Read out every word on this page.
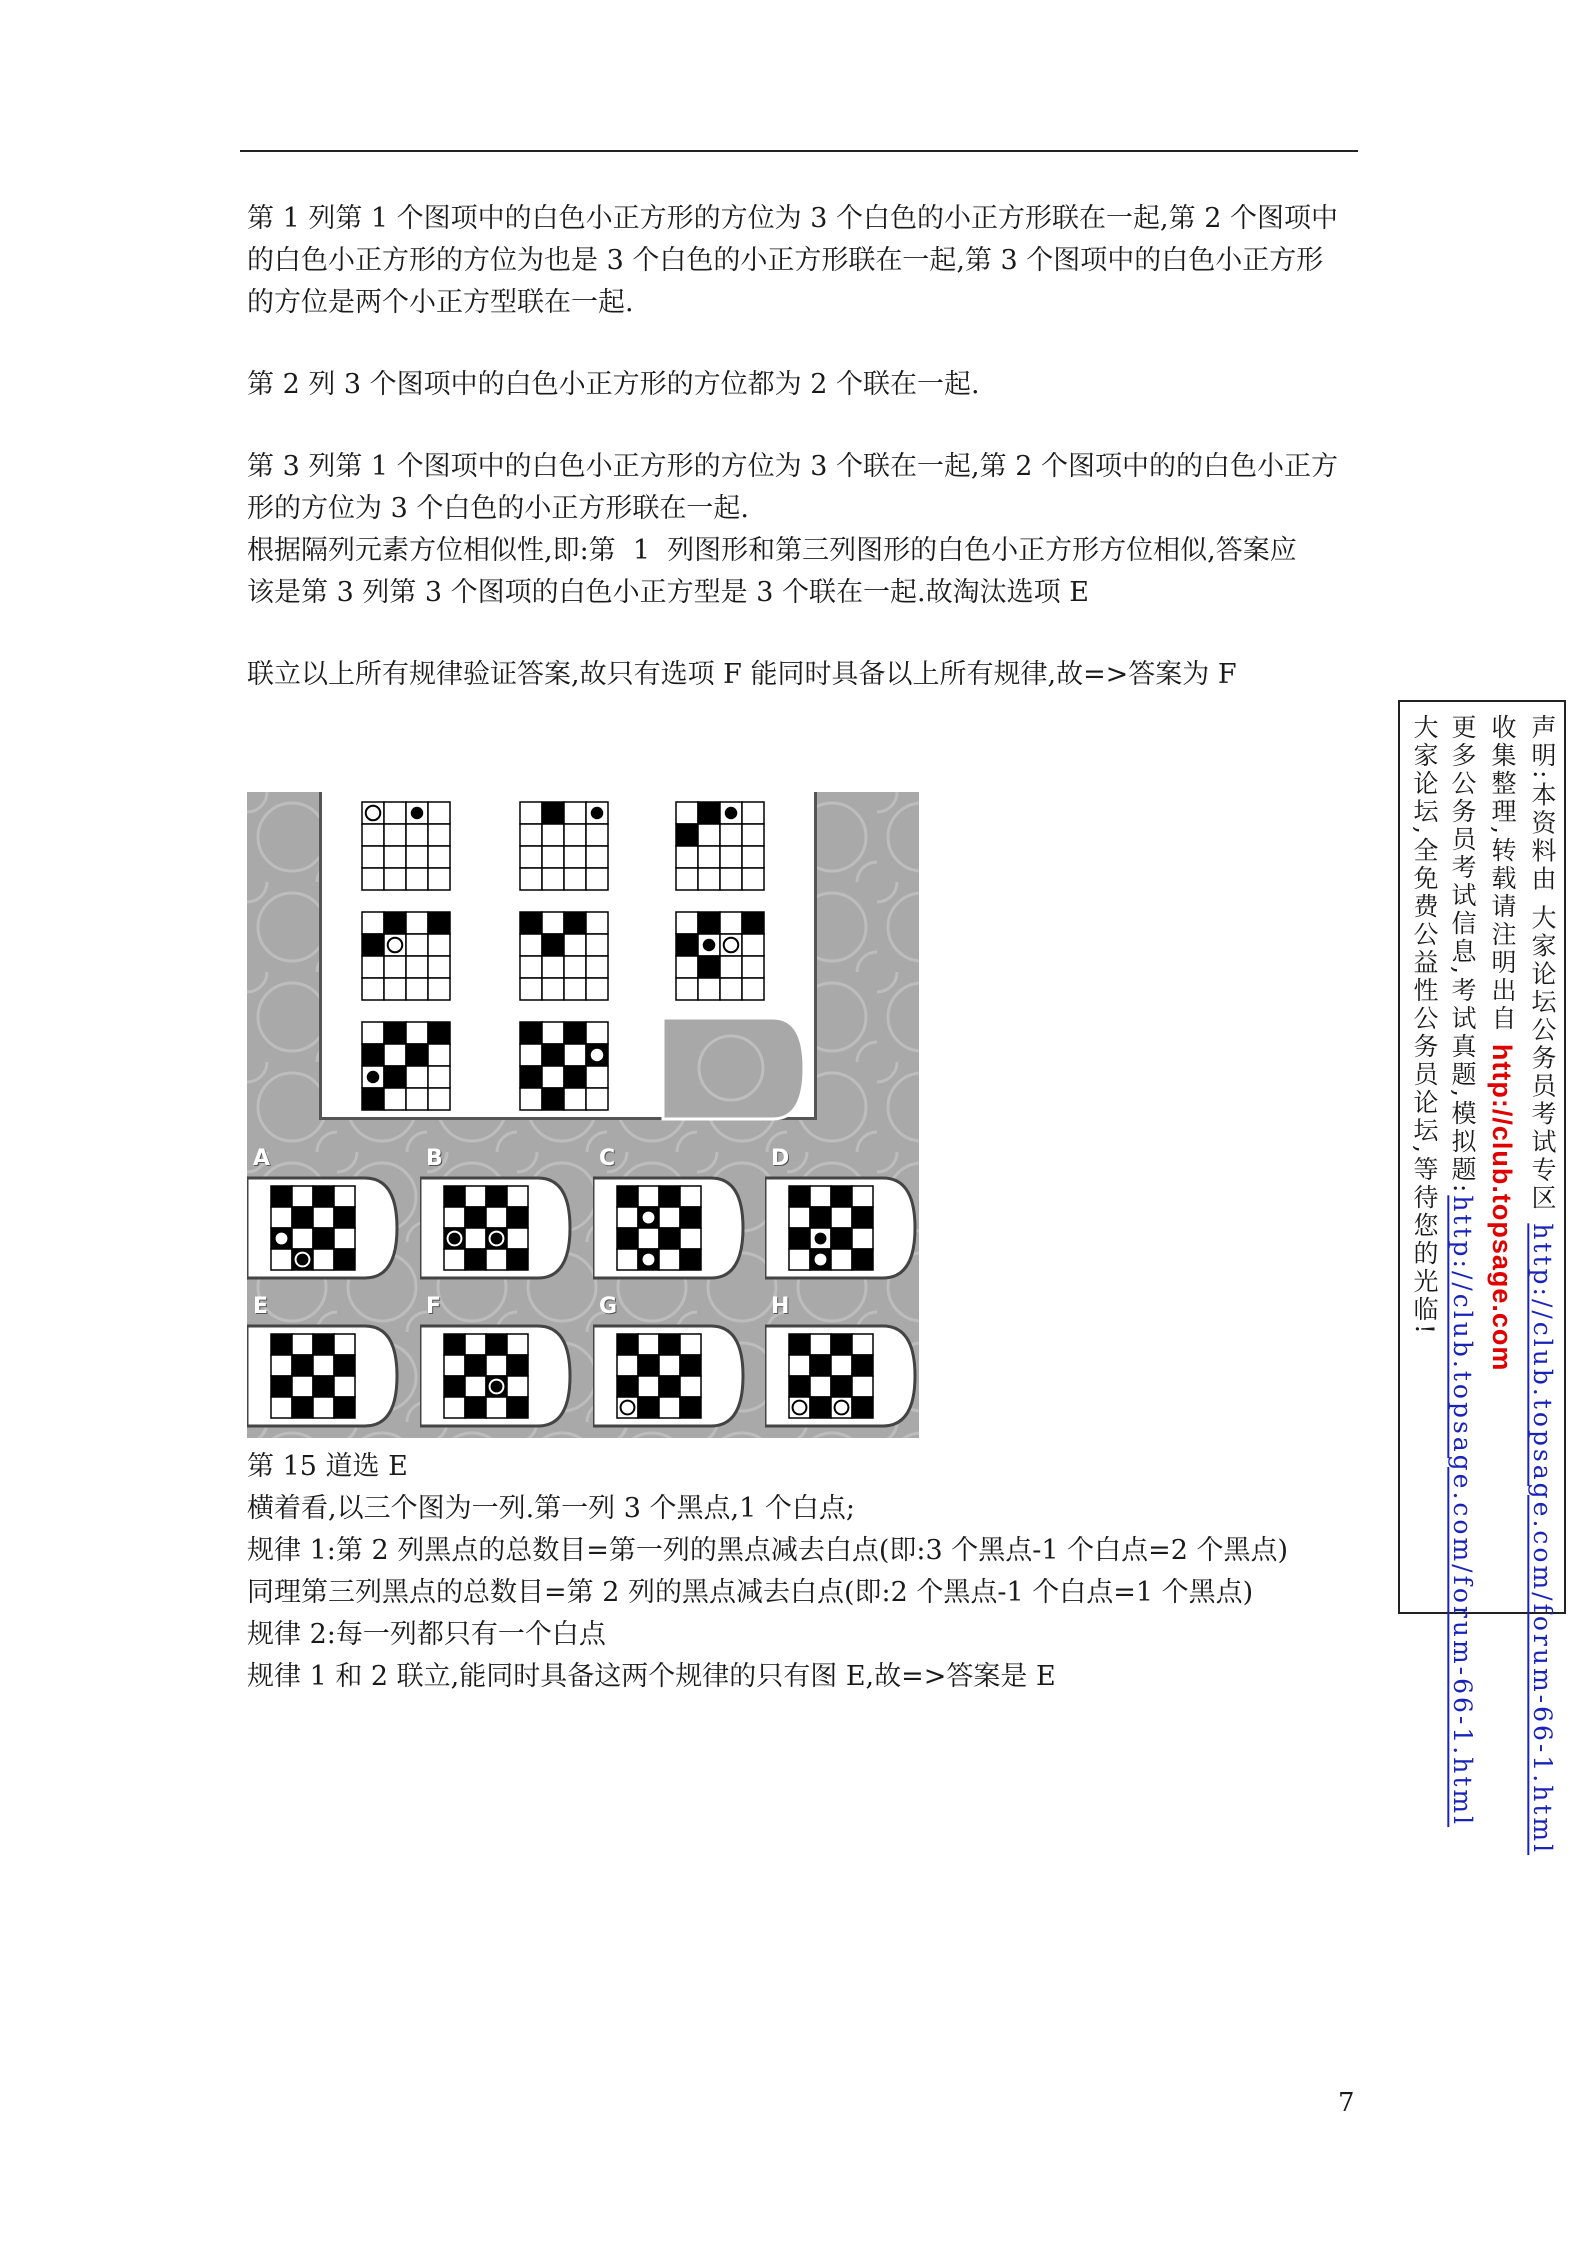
第 1 列第 1 个图项中的白色小正方形的方位为 3 个白色的小正方形联在一起,第 2 个图项中
的白色小正方形的方位为也是 3 个白色的小正方形联在一起,第 3 个图项中的白色小正方形
的方位是两个小正方型联在一起.
第 2 列 3 个图项中的白色小正方形的方位都为 2 个联在一起.
第 3 列第 1 个图项中的白色小正方形的方位为 3 个联在一起,第 2 个图项中的的白色小正方
形的方位为 3 个白色的小正方形联在一起.
根据隔列元素方位相似性,即:第  1  列图形和第三列图形的白色小正方形方位相似,答案应
该是第 3 列第 3 个图项的白色小正方型是 3 个联在一起.故淘汰选项 E
联立以上所有规律验证答案,故只有选项 F 能同时具备以上所有规律,故=>答案为 F
A	B	C	D
E	F	G	H
第 15 道选 E
横着看,以三个图为一列.第一列 3 个黑点,1 个白点;
规律 1:第 2 列黑点的总数目=第一列的黑点减去白点(即:3 个黑点-1 个白点=2 个黑点)
同理第三列黑点的总数目=第 2 列的黑点减去白点(即:2 个黑点-1 个白点=1 个黑点)
规律 2:每一列都只有一个白点
规律 1 和 2 联立,能同时具备这两个规律的只有图 E,故=>答案是 E
声明:本资料由 大家论坛公务员考试专区 http://club.topsage.com/forum-66-1.html
收集整理,转载请注明出自 http://club.topsage.com
更多公务员考试信息,考试真题,模拟题:http://club.topsage.com/forum-66-1.html
大家论坛,全免费公益性公务员论坛,等待您的光临!
7
